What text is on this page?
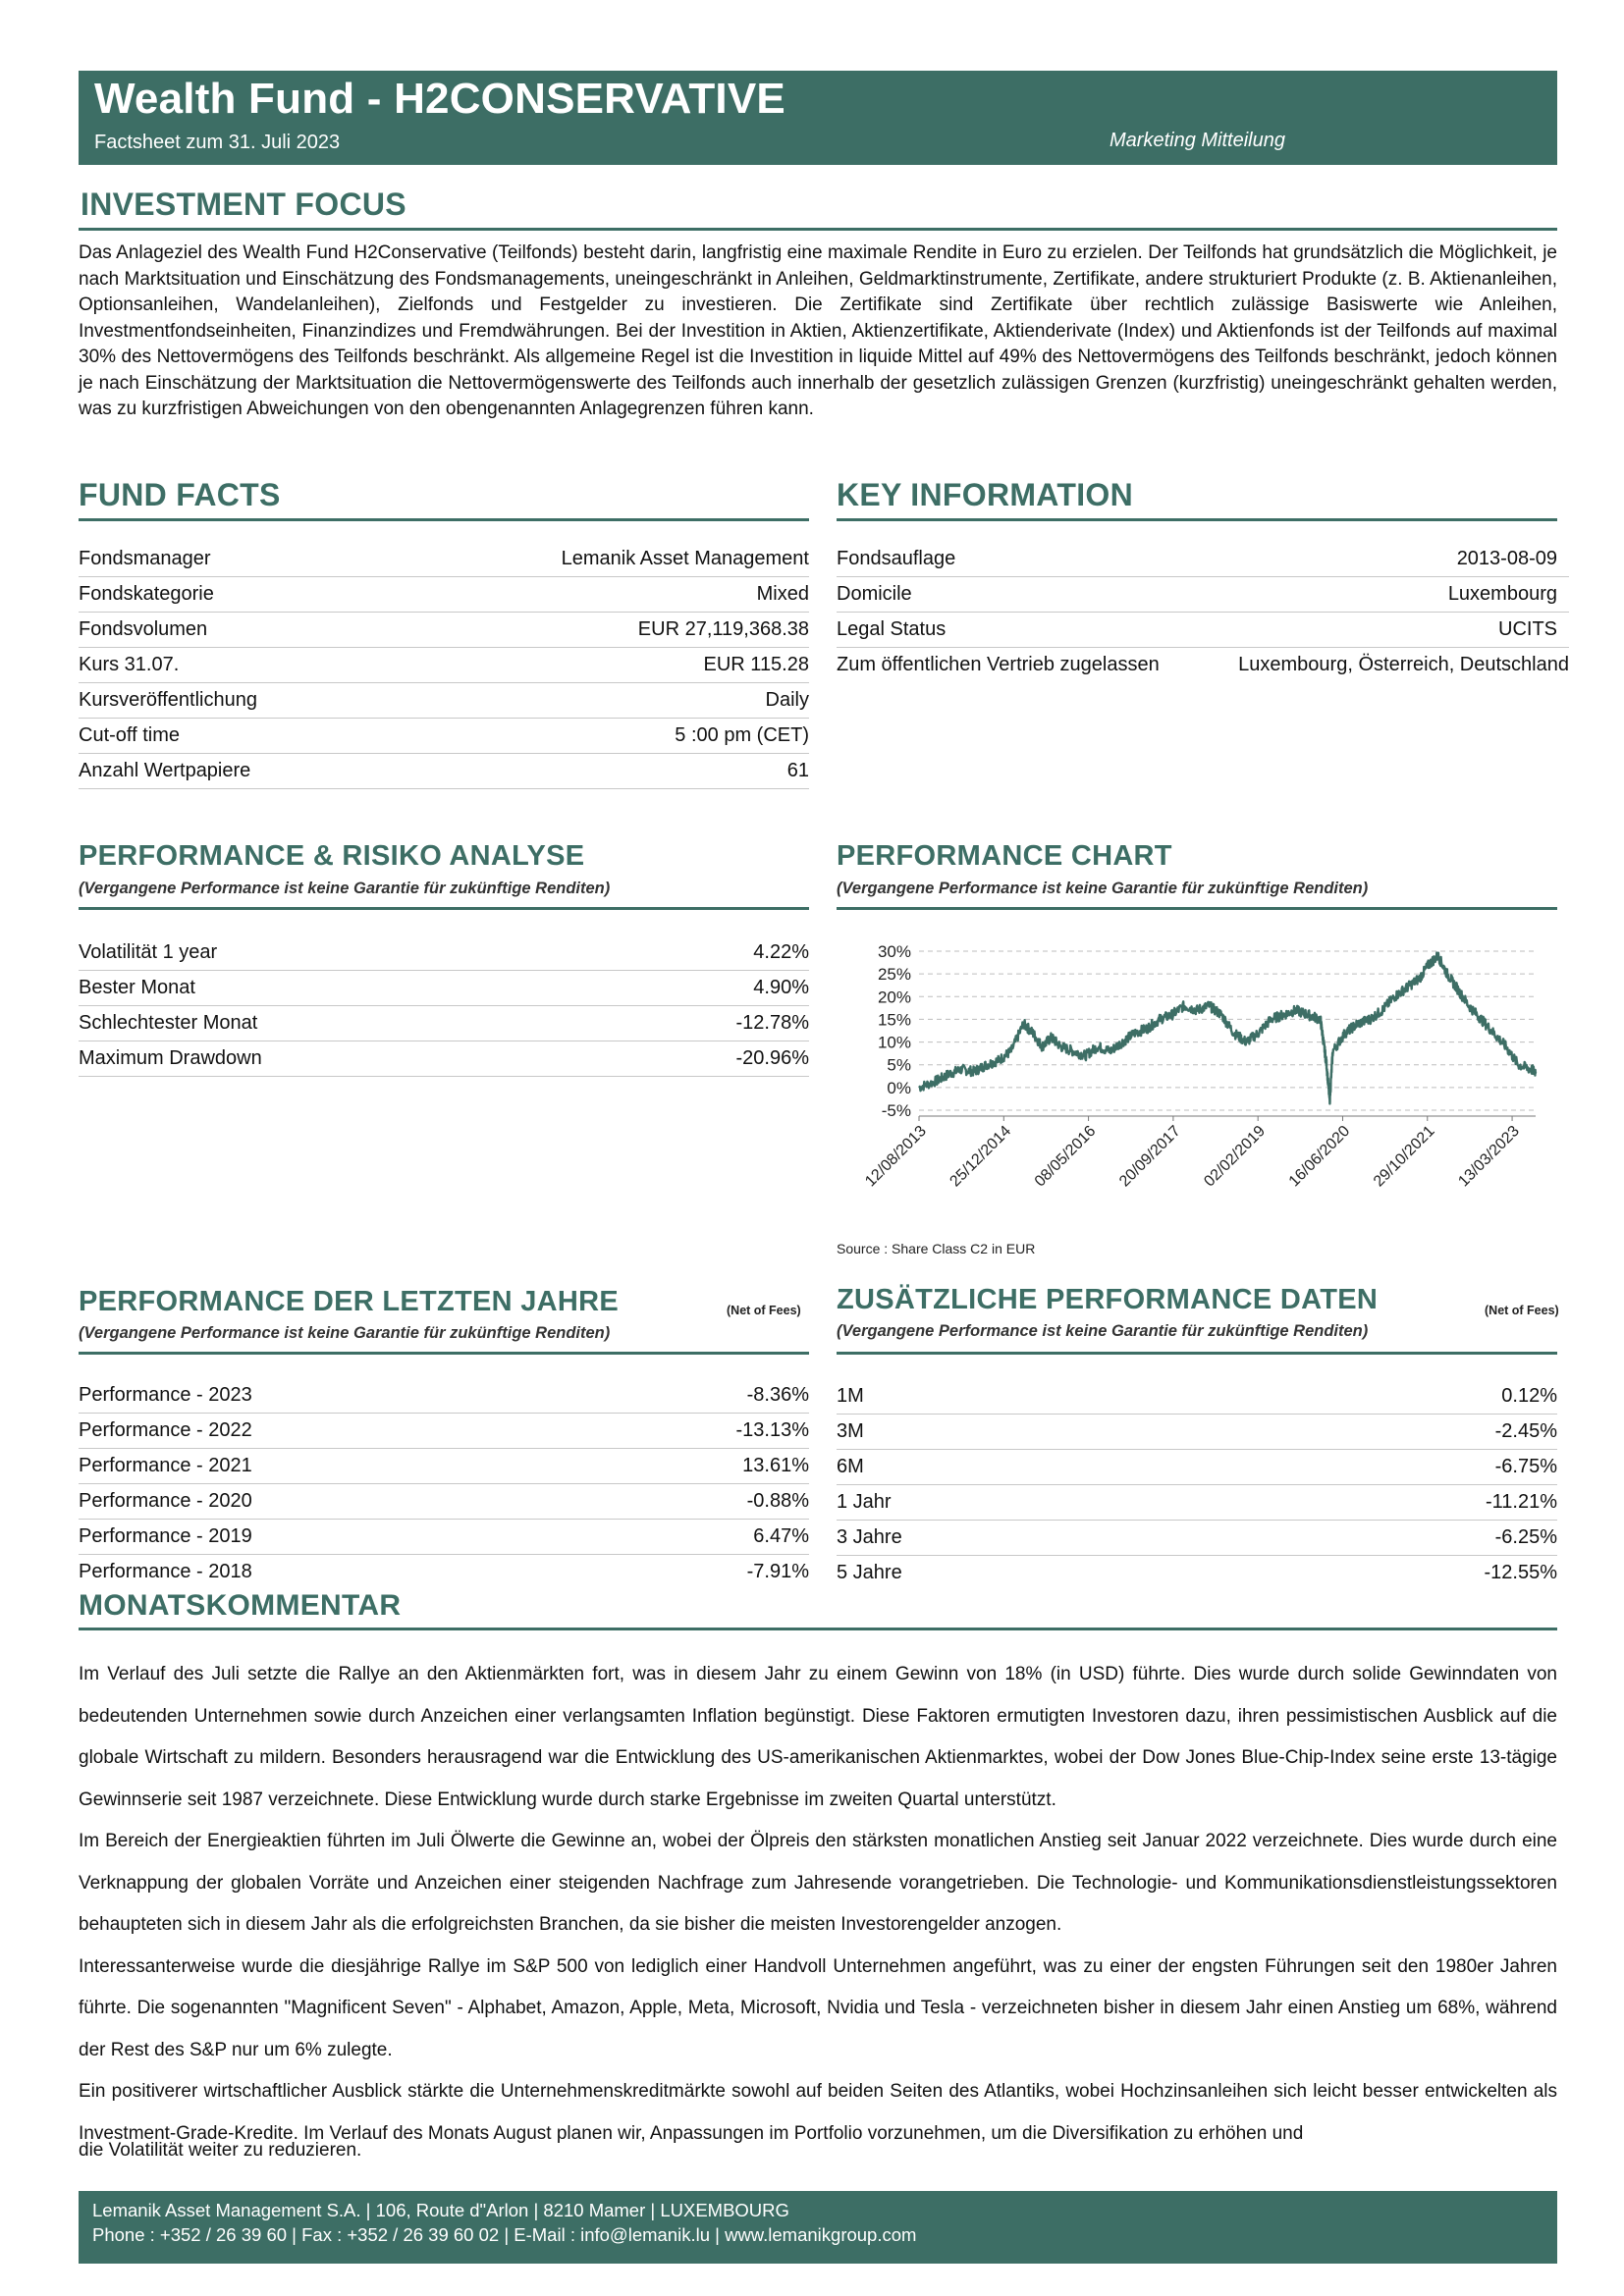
Wealth Fund - H2CONSERVATIVE
Factsheet zum 31. Juli 2023	Marketing Mitteilung
INVESTMENT FOCUS
Das Anlageziel des Wealth Fund H2Conservative (Teilfonds) besteht darin, langfristig eine maximale Rendite in Euro zu erzielen. Der Teilfonds hat grundsätzlich die Möglichkeit, je nach Marktsituation und Einschätzung des Fondsmanagements, uneingeschränkt in Anleihen, Geldmarktinstrumente, Zertifikate, andere strukturiert Produkte (z. B. Aktienanleihen, Optionsanleihen, Wandelanleihen), Zielfonds und Festgelder zu investieren. Die Zertifikate sind Zertifikate über rechtlich zulässige Basiswerte wie Anleihen, Investmentfondseinheiten, Finanzindizes und Fremdwährungen. Bei der Investition in Aktien, Aktienzertifikate, Aktienderivate (Index) und Aktienfonds ist der Teilfonds auf maximal 30% des Nettovermögens des Teilfonds beschränkt. Als allgemeine Regel ist die Investition in liquide Mittel auf 49% des Nettovermögens des Teilfonds beschränkt, jedoch können je nach Einschätzung der Marktsituation die Nettovermögenswerte des Teilfonds auch innerhalb der gesetzlich zulässigen Grenzen (kurzfristig) uneingeschränkt gehalten werden, was zu kurzfristigen Abweichungen von den obengenannten Anlagegrenzen führen kann.
FUND FACTS
Fondsmanager	Lemanik Asset Management
Fondskategorie	Mixed
Fondsvolumen	EUR 27,119,368.38
Kurs 31.07.	EUR 115.28
Kursveröffentlichung	Daily
Cut-off time	5 :00 pm (CET)
Anzahl Wertpapiere	61
KEY INFORMATION
Fondsauflage	2013-08-09
Domicile	Luxembourg
Legal Status	UCITS
Zum öffentlichen Vertrieb zugelassen	Luxembourg, Österreich, Deutschland
PERFORMANCE & RISIKO ANALYSE
(Vergangene Performance ist keine Garantie für zukünftige Renditen)
Volatilität 1 year	4.22%
Bester Monat	4.90%
Schlechtester Monat	-12.78%
Maximum Drawdown	-20.96%
PERFORMANCE CHART
(Vergangene Performance ist keine Garantie für zukünftige Renditen)
30%
25%
20%
15%
10%
5%
0%
-5%
12/08/2013 25/12/2014 08/05/2016 20/09/2017 02/02/2019 16/06/2020 29/10/2021 13/03/2023
Source : Share Class C2 in EUR
PERFORMANCE DER LETZTEN JAHRE	(Net of Fees)
(Vergangene Performance ist keine Garantie für zukünftige Renditen)
Performance - 2023	-8.36%
Performance - 2022	-13.13%
Performance - 2021	13.61%
Performance - 2020	-0.88%
Performance - 2019	6.47%
Performance - 2018	-7.91%
ZUSÄTZLICHE PERFORMANCE DATEN	(Net of Fees)
(Vergangene Performance ist keine Garantie für zukünftige Renditen)
1M	0.12%
3M	-2.45%
6M	-6.75%
1 Jahr	-11.21%
3 Jahre	-6.25%
5 Jahre	-12.55%
MONATSKOMMENTAR

Im Verlauf des Juli setzte die Rallye an den Aktienmärkten fort, was in diesem Jahr zu einem Gewinn von 18% (in USD) führte. Dies wurde durch solide Gewinndaten von bedeutenden Unternehmen sowie durch Anzeichen einer verlangsamten Inflation begünstigt. Diese Faktoren ermutigten Investoren dazu, ihren pessimistischen Ausblick auf die globale Wirtschaft zu mildern. Besonders herausragend war die Entwicklung des US-amerikanischen Aktienmarktes, wobei der Dow Jones Blue-Chip-Index seine erste 13-tägige Gewinnserie seit 1987 verzeichnete. Diese Entwicklung wurde durch starke Ergebnisse im zweiten Quartal unterstützt.

Im Bereich der Energieaktien führten im Juli Ölwerte die Gewinne an, wobei der Ölpreis den stärksten monatlichen Anstieg seit Januar 2022 verzeichnete. Dies wurde durch eine Verknappung der globalen Vorräte und Anzeichen einer steigenden Nachfrage zum Jahresende vorangetrieben. Die Technologie- und Kommunikationsdienstleistungssektoren behaupteten sich in diesem Jahr als die erfolgreichsten Branchen, da sie bisher die meisten Investorengelder anzogen.

Interessanterweise wurde die diesjährige Rallye im S&P 500 von lediglich einer Handvoll Unternehmen angeführt, was zu einer der engsten Führungen seit den 1980er Jahren führte. Die sogenannten "Magnificent Seven" - Alphabet, Amazon, Apple, Meta, Microsoft, Nvidia und Tesla - verzeichneten bisher in diesem Jahr einen Anstieg um 68%, während der Rest des S&P nur um 6% zulegte.

Ein positiverer wirtschaftlicher Ausblick stärkte die Unternehmenskreditmärkte sowohl auf beiden Seiten des Atlantiks, wobei Hochzinsanleihen sich leicht besser entwickelten als Investment-Grade-Kredite. Im Verlauf des Monats August planen wir, Anpassungen im Portfolio vorzunehmen, um die Diversifikation zu erhöhen und

die Volatilität weiter zu reduzieren.
Lemanik Asset Management S.A. | 106, Route d"Arlon | 8210 Mamer | LUXEMBOURG
Phone : +352 / 26 39 60 | Fax : +352 / 26 39 60 02 | E-Mail : info@lemanik.lu | www.lemanikgroup.com
